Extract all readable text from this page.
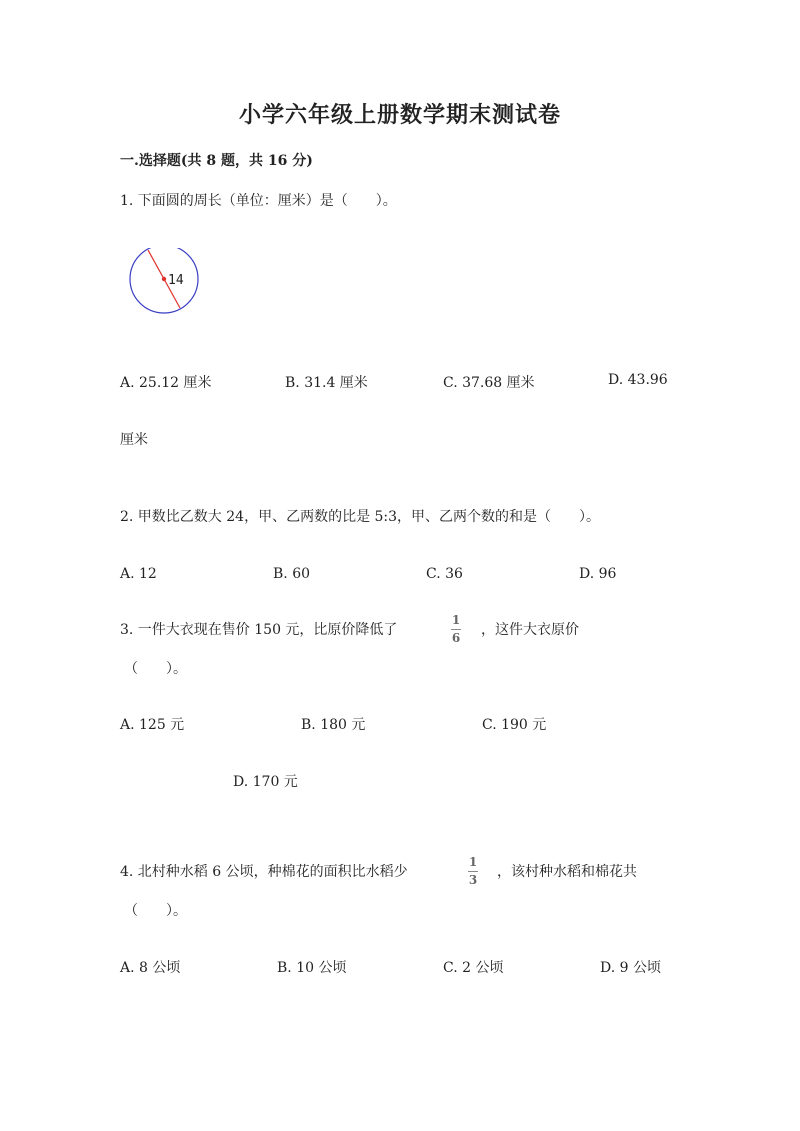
小学六年级上册数学期末测试卷
一.选择题(共 8 题，共 16 分)
1. 下面圆的周长（单位：厘米）是（　　）。
14
A. 25.12 厘米	B. 31.4 厘米	C. 37.68 厘米	D. 43.96
厘米
2. 甲数比乙数大 24，甲、乙两数的比是 5:3，甲、乙两个数的和是（　　）。
A. 12	B. 60	C. 36	D. 96
3. 一件大衣现在售价 150 元，比原价降低了
1
6 ，这件大衣原价
（　　）。
A. 125 元	B. 180 元	C. 190 元
D. 170 元
4. 北村种水稻 6 公顷，种棉花的面积比水稻少
1
3 ，该村种水稻和棉花共
（　　）。
A. 8 公顷	B. 10 公顷	C. 2 公顷	D. 9 公顷
